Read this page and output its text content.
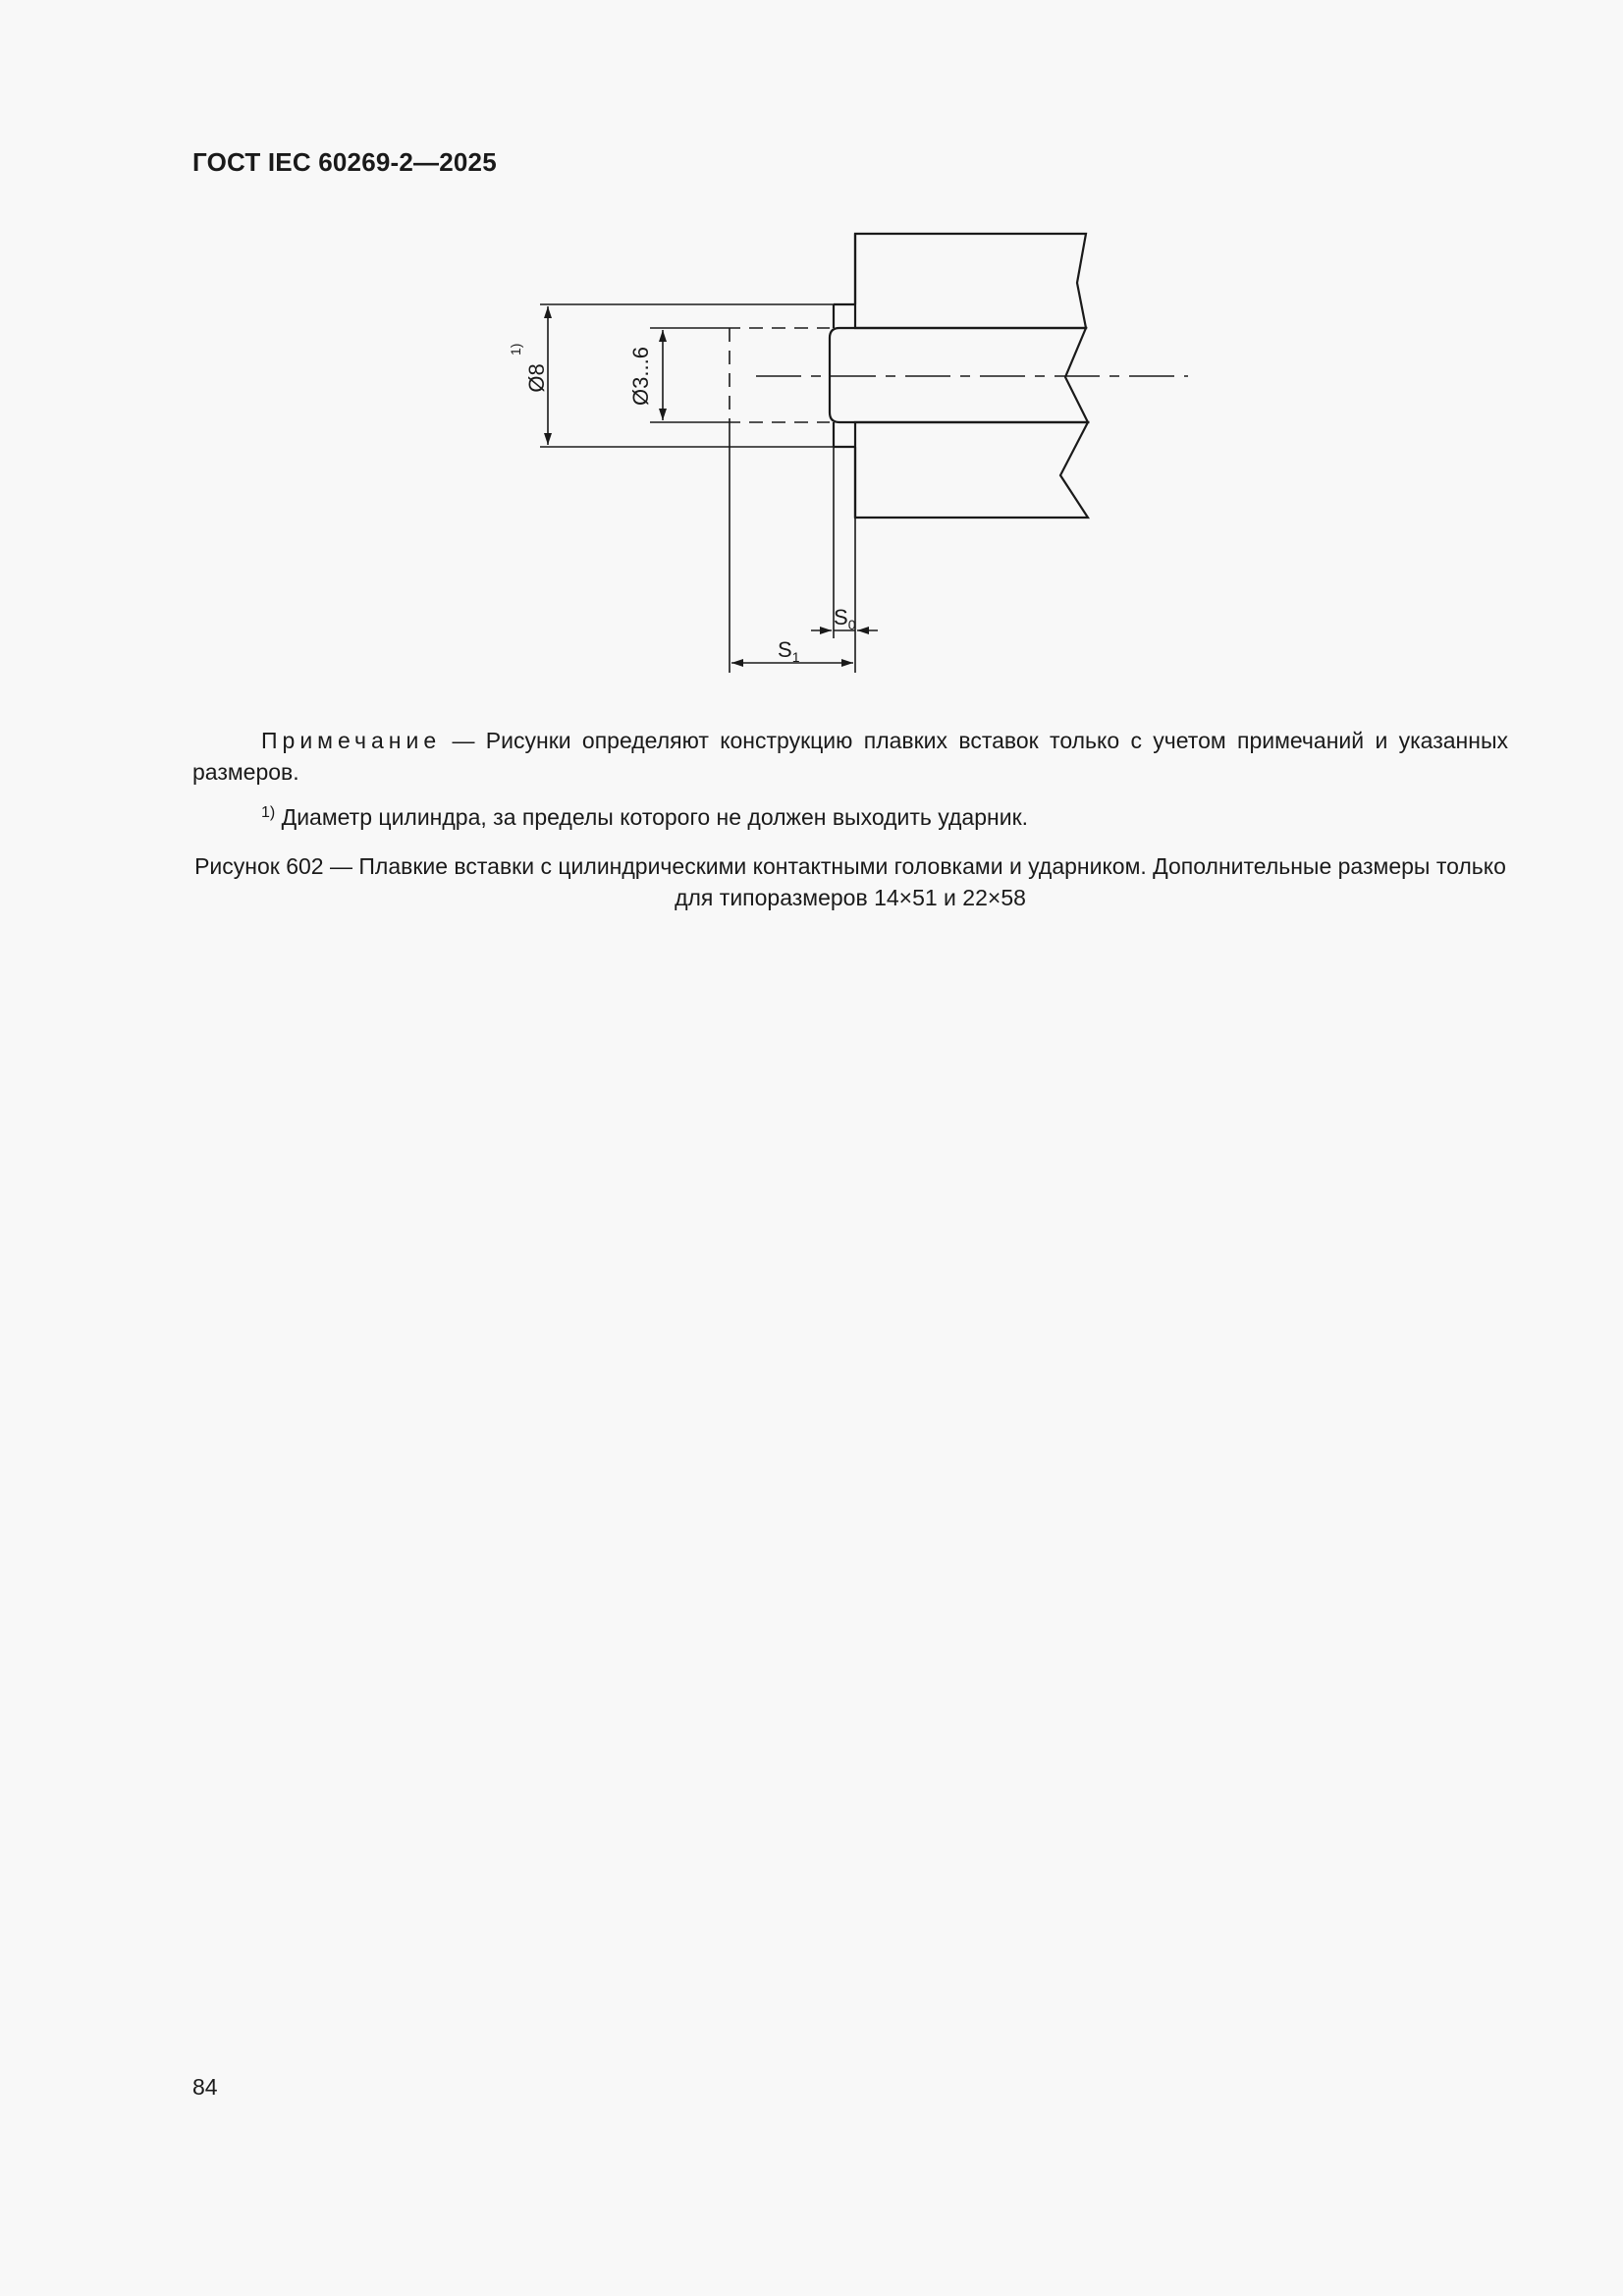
ГОСТ IEC 60269-2—2025
Ø8
1)	Ø3...6
$S_0$
$S_1$
Примечание — Рисунки определяют конструкцию плавких вставок только с учетом примечаний и указанных размеров.
$^{1)}$ Диаметр цилиндра, за пределы которого не должен выходить ударник.
Рисунок 602 — Плавкие вставки с цилиндрическими контактными головками и ударником. Дополнительные размеры только для типоразмеров 14×51 и 22×58
84
